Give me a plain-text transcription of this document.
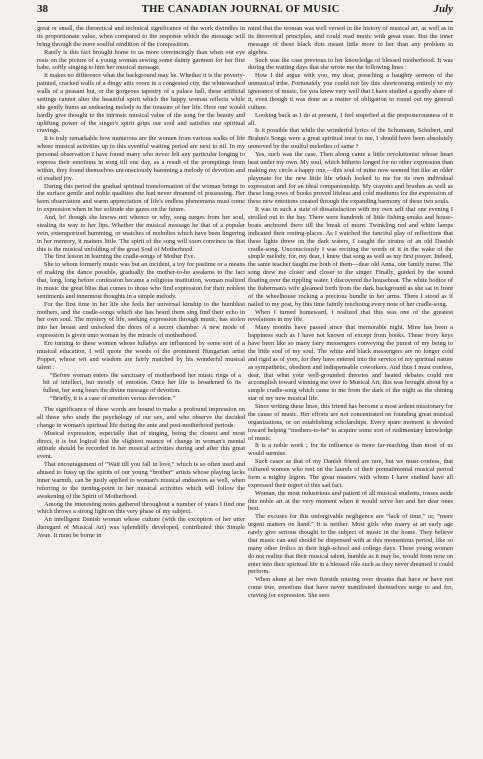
38	THE CANADIAN JOURNAL OF MUSIC	July

great or small, the theoretical and technical significance of the work dwindles in its proportionate value, when compared to the response which the message will bring through the mere soulful rendition of the composition.

Rarely is this fact brought home to us more convincingly than when our eye rests on the picture of a young woman sewing some dainty garment for her first babe, softly singing to him her musical message.

It makes no difference what the background may be. Whether it is the poverty-painted, cracked walls of a dingy attic room in a congested city, the whitewashed walls of a peasant hut, or the gorgeous tapestry of a palace hall, these artificial settings cannot alter the beautiful spirit which the happy woman reflects while she gently hums an endearing melody to the treasure of her life. Here one would hardly give thought to the intrinsic musical value of the song for the beauty and uplifting power of the singer's spirit grips our soul and satisfies our spiritual cravings.

It is truly remarkable how numerous are the women from various walks of life whose musical activities up to this eventful waiting period are next to nil. In my personal observation I have found many who never felt any particular longing to express their emotions in song till one day, as a result of the promptings from within, they found themselves unconsciously humming a melody of devotion and of exalted joy.

During this period the gradual spiritual transformation of the woman brings to the surface gentle and noble qualities she had never dreamed of possessing. Her keen observation and warm appreciation of life's endless phenomena must come to expression when in her solitude she gazes on the future.

And, lo! though she knows not whence or why, song surges from her soul, stealing its way to her lips. Whether the musical message be that of a popular vein, extemporized humming, or snatches of melodies which have been lingering in her memory, it matters little. The spirit of the song will soon convince us that this is the musical unfolding of the great Soul of Motherhood.

The first lesson in learning the cradle-songs of Mother Eve.

She to whom formerly music was but an incident, a toy for pastime or a means of making the dance possible, gradually the mother-to-be awakens to the fact that, long, long before confession became a religious institution, woman realized in music the great bliss that comes to those who find expression for their noblest sentiments and innermost thoughts in a simple melody.

For the first time in her life she feels her universal kinship to the humblest mothers, and the cradle-songs which she has heard them sing find their echo in her own soul. The mystery of life, seeking expression through music, has stolen into her breast and unlocked the doors of a secret chamber. A new mode of expression is given unto woman by the miracle of motherhood.

Ere turning to these women whose lullabys are influenced by some sort of a musical education, I will quote the words of the prominent Hungarian artist Popper, whose wit and wisdom are fairly matched by his wonderful musical talent :

“Before woman enters the sanctuary of motherhood her music rings of a bit of intellect, but mostly of emotion. Once her life is broadened to its fullest, her song bears the divine message of devotion.

“Briefly, it is a case of emotion versus devotion.”

The significance of these words are bound to make a profound impression on all those who study the psychology of our sex, and who observe the decided change in woman's spiritual life during the ante and post-motherhood periods.

Musical expression, especially that of singing, being the closest and most direct, it is but logical that the slightest nuance of change in woman's mental attitude should be recorded in her musical activities during and after this great event.

That encouragement of “Wait till you fall in love,” which is so often used and abused to fussy up the spirits of our young “brother” artists whose playing lacks inner warmth, can be justly applied to woman's musical endeavors as well, when referring to the turning-point in her musical activities which will follow the awakening of the Spirit of Motherhood.

Among the interesting notes gathered throughout a number of years I find one which throws a strong light on this very phase of my subject.

An intelligent Danish woman whose culture (with the exception of her utter disregard of Musical Art) was splendidly developed, contributed this Simple Avue. It must be borne in

mind that the woman was well versed in the history of musical art, as well as in its theoretical principles, and could read music with great ease. But the inner message of these black dots meant little more to her than any problem in algebra.

Such was the case previous to her knowledge of blessed motherhood. It was during the waiting days that she wrote me the following lines :

How I did argue with you, my dear, preaching a haughty sermon of the unmusical tribe. Fortunately you could not lay this shortcoming entirely to my ignorance of music, for you knew very well that I have studied a goodly share of it, even though it was done as a matter of obligation to round out my general culture.

Looking back as I do at present, I feel stupefied at the preposterousness of it all.

Is it possible that while the wonderful lyrics of the Schumann, Schubert, and Brahm's Songs were a great spiritual treat to me, I should have been absolutely unmoved by the soulful melodies of same ?

Yes, such was the case. Then along came a little revolutionist whose heart beat under my own. My soul, which hitherto longed for no other expression than making my circle a happy one,—this soul of mine now seemed but like an older playmate for the new little life which looked to me for its own individual expression and for an ideal companionship. My crayons and brushes as well as these long rows of books proved lifeless and cold mediums for the expression of these new emotions created through the expanding harmony of these two souls.

It was in such a state of dissatisfaction with my own self that one evening I strolled out to the bay. There were hundreds of little fishing-smaks and house-boats anchored there till the break of morn. Twinkling red and white lamps indicated their resting-places. As I watched the fanciful play of reflections that these lights threw on the dark waters, I caught the strains of an old Danish cradle-song. Unconsciously I was reciting the words of it in the wake of the simple melody, for, my dear, I knew that song as well as my first prayer. Indeed, the same teacher taught me both of them—dear old Anna, our family nurse. The song drew me closer and closer to the singer. Finally, guided by the sound floating over the rippling water, I discovered the houseboat. The white bodice of the fisherman's wife gleamed forth from the dark background as she sat in front of the wheelhouse rocking a precious bundle in her arms. There I stood as if nailed to my post, by this time faintly reechoing every note of her cradle-song.

When I turned homeward, I realized that this was one of the greatest revelations in my life.

Many months have passed since that memorable night. Mine has been a happiness such as I have not known of except from books. These ivory keys have been like so many fairy messengers conveying the purest of my being to the little soul of my soul. The white and black messengers are no longer cold and rigid as of yore, for they have entered into the service of my spiritual nature as sympathetic, obedient and indispensable coworkers. And thus I must confess, dear, that what your well-grounded theories and heated debates could not accomplish toward winning me over to Musical Art, this was brought about by a simple cradle-song which came to me from the dark of the night as the shining star of my new musical life.

Since writing these lines, this friend has become a most ardent missionary for the cause of music. Her efforts are not concentrated on founding great musical organizations, or on establishing scholarships. Every spare moment is devoted toward helping “mothers-to-be” to acquire some sort of rudimentary knowledge of music.

It is a noble work ; for its influence is more far-reaching than most of us would surmise.

Such cases as that of my Danish friend are rare, but we must confess, that cultured women who rest on the laurels of their prematimonial musical period form a mighty legion. The great masters with whom I have studied have all expressed their regret of this sad fact.

Woman, the most industrious and patient of all musical students, tosses aside this noble art at the very moment when it would serve her and her dear ones best.

The excuses for this unforgivable negligence are “lack of time,” or, “more urgent matters on hand.” It is neither. Most girls who marry at an early age rarely give serious thought to the subject of music in the home. They believe that music can and should be dispensed with at this momentous period, like so many other frolics in their high-school and college days. These young women do not realize that their musical talent, humble as it may be, would from now on enter into their spiritual life in a blessed rôle such as they never dreamed it could perform.

When alone at her own fireside musing over dreams that have or have not come true, emotions that have never manifested themselves surge to and fro, craving for expression. She sees
